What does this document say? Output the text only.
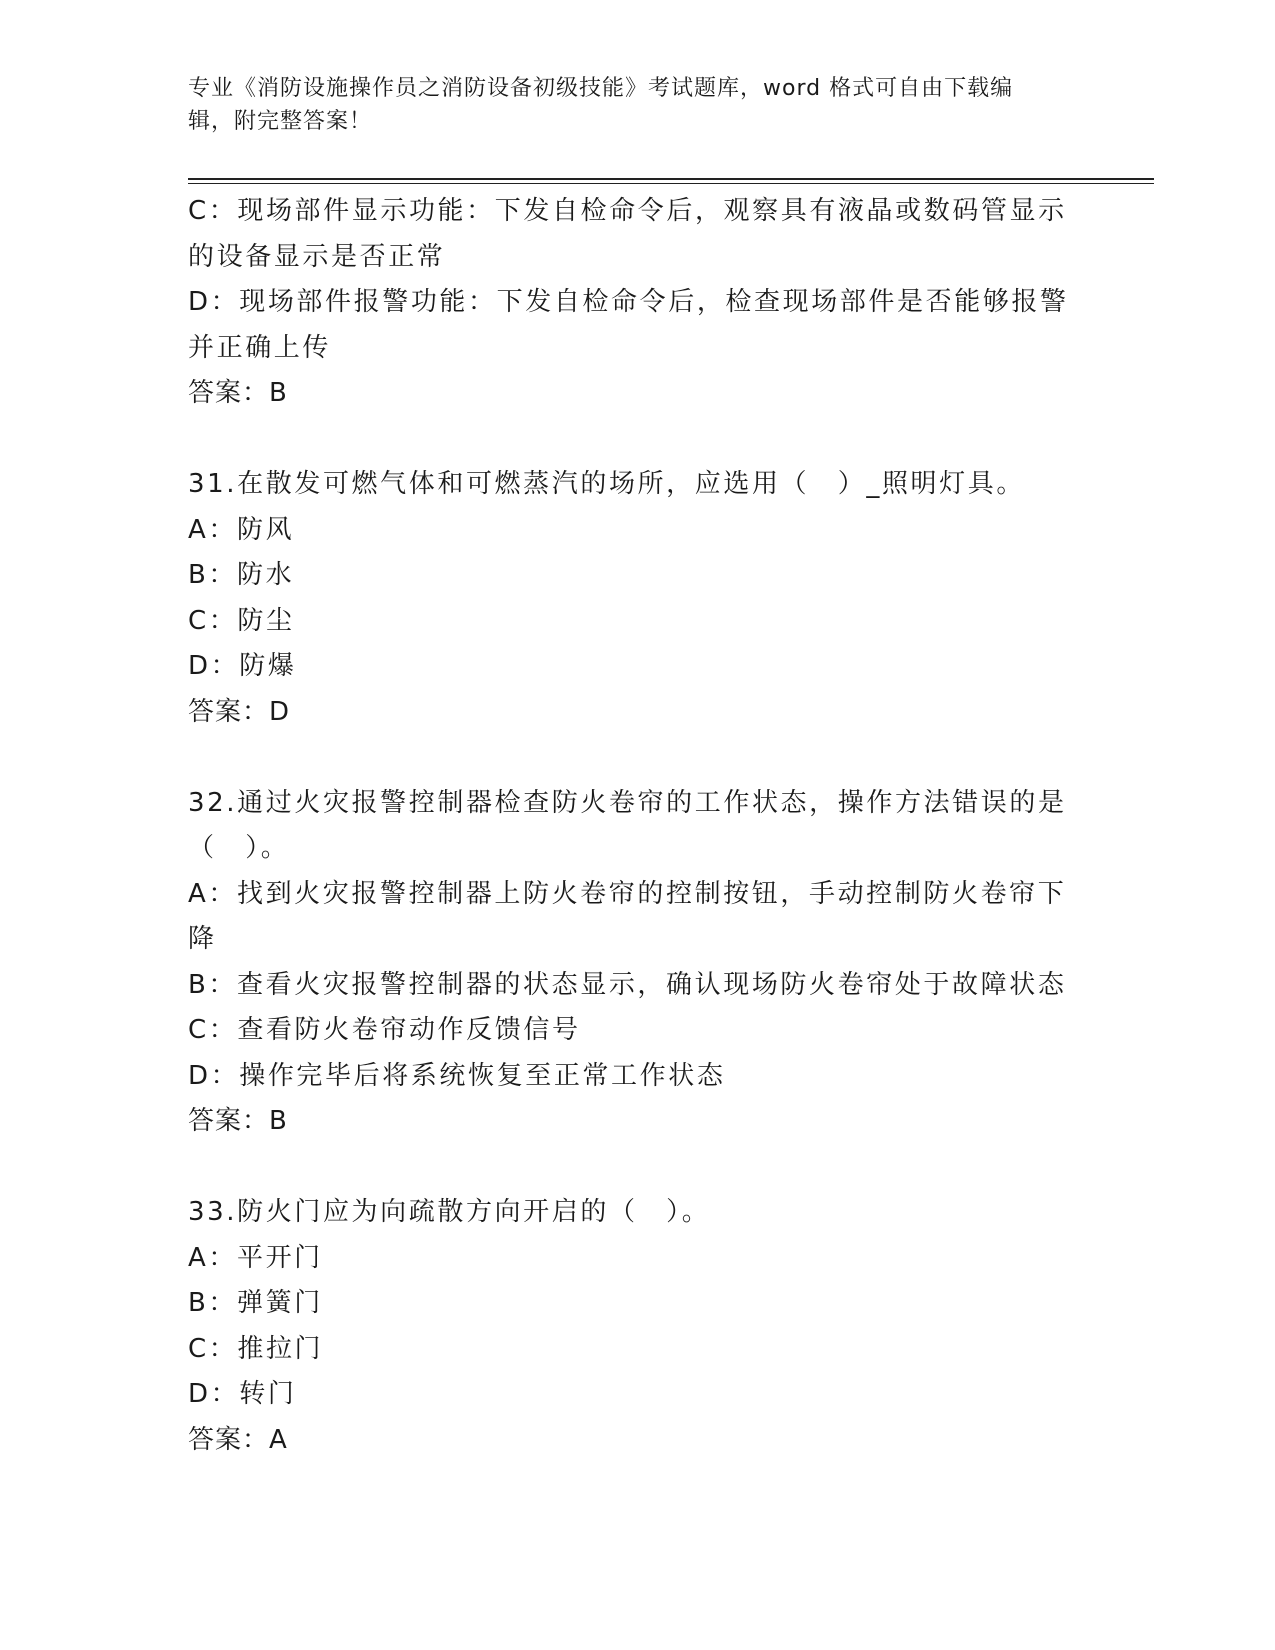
专业《消防设施操作员之消防设备初级技能》考试题库，word 格式可自由下载编
辑，附完整答案！
C：现场部件显示功能：下发自检命令后，观察具有液晶或数码管显示
的设备显示是否正常
D：现场部件报警功能：下发自检命令后，检查现场部件是否能够报警
并正确上传
答案：B
31.在散发可燃气体和可燃蒸汽的场所，应选用（　）_照明灯具。
A：防风
B：防水
C：防尘
D：防爆
答案：D
32.通过火灾报警控制器检查防火卷帘的工作状态，操作方法错误的是
（　）。
A：找到火灾报警控制器上防火卷帘的控制按钮，手动控制防火卷帘下
降
B：查看火灾报警控制器的状态显示，确认现场防火卷帘处于故障状态
C：查看防火卷帘动作反馈信号
D：操作完毕后将系统恢复至正常工作状态
答案：B
33.防火门应为向疏散方向开启的（　）。
A：平开门
B：弹簧门
C：推拉门
D：转门
答案：A
